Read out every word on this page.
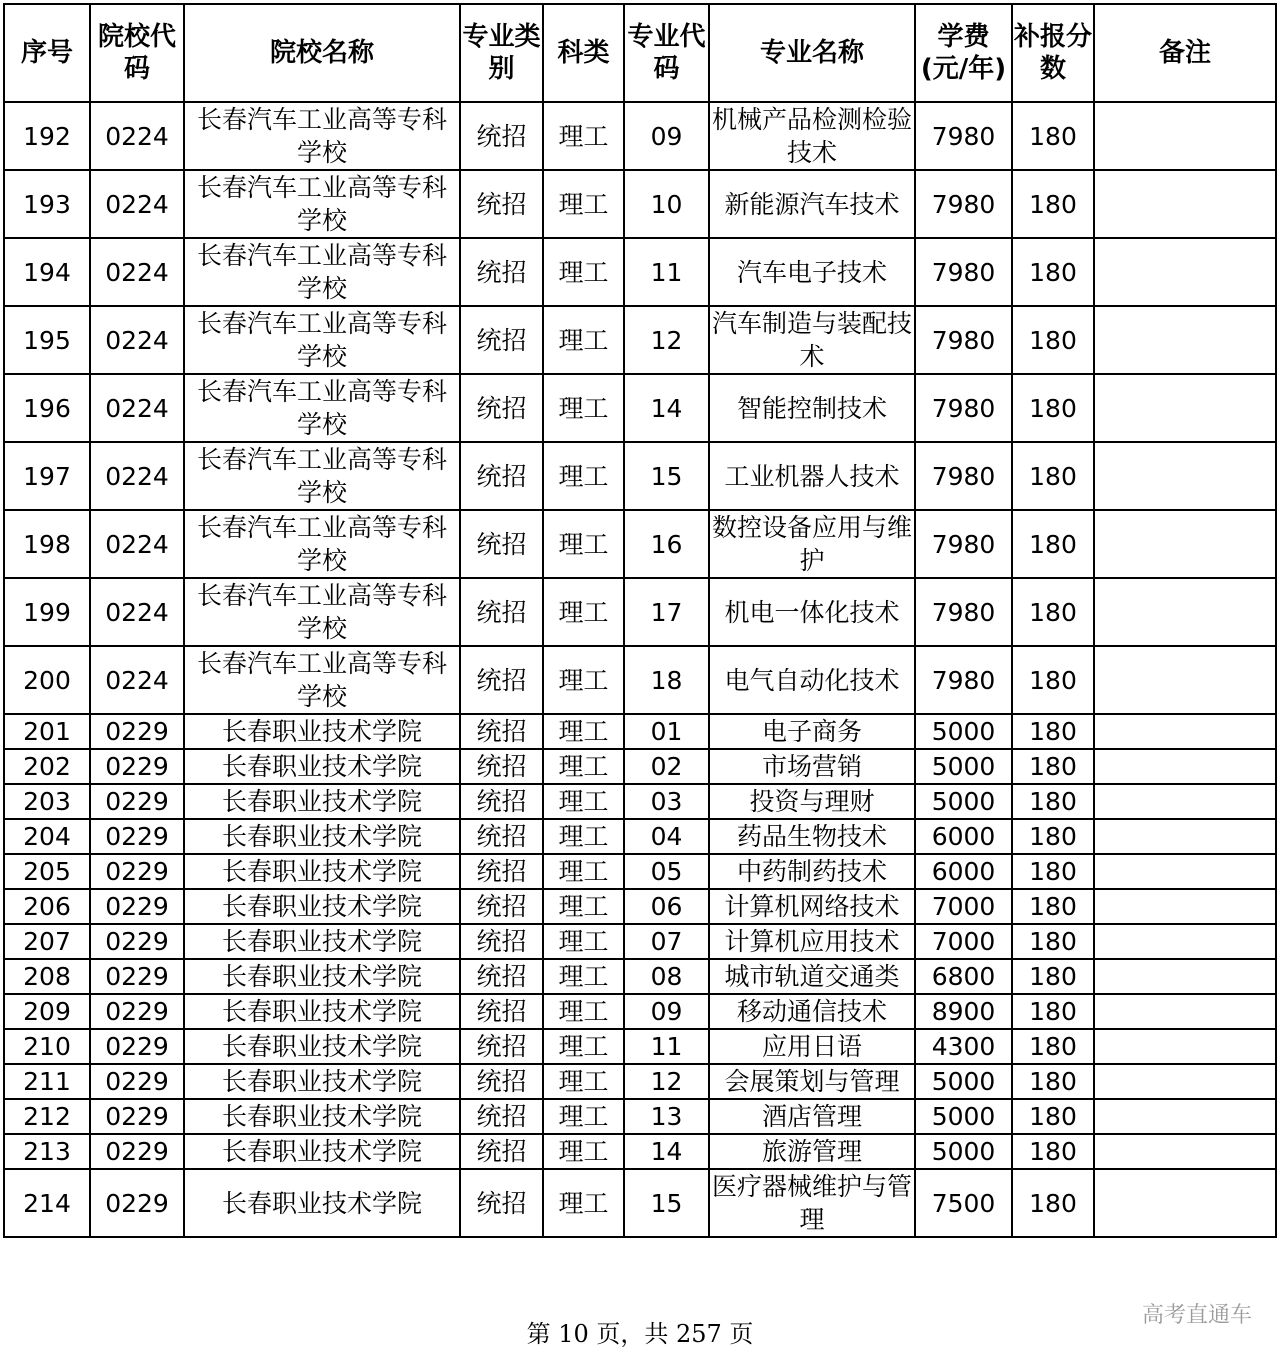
序号	院校代码	院校名称	专业类别	科类	专业代码	专业名称	学费(元/年)	补报分数	备注
192	0224	长春汽车工业高等专科学校	统招	理工	09	机械产品检测检验技术	7980	180	
193	0224	长春汽车工业高等专科学校	统招	理工	10	新能源汽车技术	7980	180	
194	0224	长春汽车工业高等专科学校	统招	理工	11	汽车电子技术	7980	180	
195	0224	长春汽车工业高等专科学校	统招	理工	12	汽车制造与装配技术	7980	180	
196	0224	长春汽车工业高等专科学校	统招	理工	14	智能控制技术	7980	180	
197	0224	长春汽车工业高等专科学校	统招	理工	15	工业机器人技术	7980	180	
198	0224	长春汽车工业高等专科学校	统招	理工	16	数控设备应用与维护	7980	180	
199	0224	长春汽车工业高等专科学校	统招	理工	17	机电一体化技术	7980	180	
200	0224	长春汽车工业高等专科学校	统招	理工	18	电气自动化技术	7980	180	
201	0229	长春职业技术学院	统招	理工	01	电子商务	5000	180	
202	0229	长春职业技术学院	统招	理工	02	市场营销	5000	180	
203	0229	长春职业技术学院	统招	理工	03	投资与理财	5000	180	
204	0229	长春职业技术学院	统招	理工	04	药品生物技术	6000	180	
205	0229	长春职业技术学院	统招	理工	05	中药制药技术	6000	180	
206	0229	长春职业技术学院	统招	理工	06	计算机网络技术	7000	180	
207	0229	长春职业技术学院	统招	理工	07	计算机应用技术	7000	180	
208	0229	长春职业技术学院	统招	理工	08	城市轨道交通类	6800	180	
209	0229	长春职业技术学院	统招	理工	09	移动通信技术	8900	180	
210	0229	长春职业技术学院	统招	理工	11	应用日语	4300	180	
211	0229	长春职业技术学院	统招	理工	12	会展策划与管理	5000	180	
212	0229	长春职业技术学院	统招	理工	13	酒店管理	5000	180	
213	0229	长春职业技术学院	统招	理工	14	旅游管理	5000	180	
214	0229	长春职业技术学院	统招	理工	15	医疗器械维护与管理	7500	180	
第 10 页，共 257 页
高考直通车
